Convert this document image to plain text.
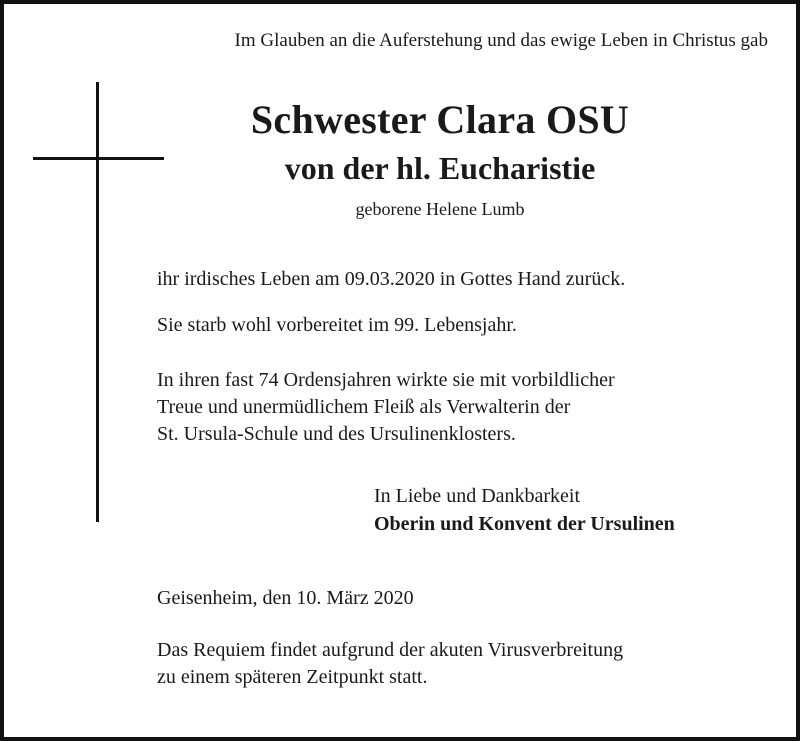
Im Glauben an die Auferstehung und das ewige Leben in Christus gab
Schwester Clara OSU
von der hl. Eucharistie
geborene Helene Lumb
ihr irdisches Leben am 09.03.2020 in Gottes Hand zurück.
Sie starb wohl vorbereitet im 99. Lebensjahr.
In ihren fast 74 Ordensjahren wirkte sie mit vorbildlicher
Treue und unermüdlichem Fleiß als Verwalterin der
St. Ursula-Schule und des Ursulinenklosters.
In Liebe und Dankbarkeit
Oberin und Konvent der Ursulinen
Geisenheim, den 10. März 2020
Das Requiem findet aufgrund der akuten Virusverbreitung
zu einem späteren Zeitpunkt statt.
